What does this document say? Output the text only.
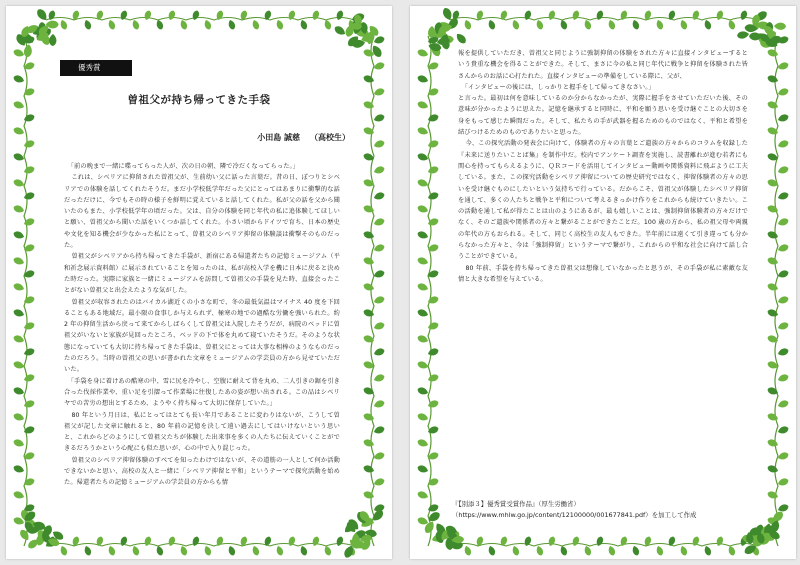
優秀賞
曽祖父が持ち帰ってきた手袋
小田島 誠慈 （高校生）

「前の晩まで一緒に喋ってらった人が、次の日の朝、隣で冷だくなってらった。」

これは、シベリアに抑留された曽祖父が、生前幼い父に話った言葉だ。昔の日、ぽつりとシベリアでの体験を話してくれたそうだ。まだ小学校低学年だった父にとってはあまりに衝撃的な話だっただけに、今でもその時の様子を鮮明に覚えていると話してくれた。私が父の話を父から聞いたのもまた、小学校低学年の頃だった。父は、自分の体験を同じ年代の私に追体験してほしいと願い、曽祖父から聞いた話をいくつか話してくれた。小さい頃からドイツで育ち、日本の歴史や文化を知る機会が少なかった私にとって、曽祖父のシベリア抑留の体験談は衝撃そのものだった。

曽祖父がシベリアから持ち帰ってきた手袋が、新宿にある帰還者たちの記憶ミュージアム（平和祈念展示資料館）に展示されていることを知ったのは、私が高校入学を機に日本に戻ると決めた時だった。実際に家族と一緒にミュージアムを訪問して曽祖父の手袋を見た時、直接会ったことがない曽祖父と出会えたような気がした。

曽祖父が収容されたのはバイカル湖近くの小さな町で、冬の最低気温はマイナス 40 度を下回ることもある地域だ。最小限の食事しか与えられず、極寒の地での過酷な労働を強いられた。約 2 年の抑留生活から戻って来てからしばらくして曽祖父は入院したそうだが、病院のベッドに曽祖父がいないと家族が見回ったところ、ベッドの下で体を丸めて寝ていたそうだ。そのような状態になっていても大切に持ち帰ってきた手袋は、曽祖父にとっては大事な相棒のようなものだったのだろう。当時の曽祖父の思いが書かれた文章をミュージアムの学芸員の方から見せていただいた。

「手袋を身に着けあの酷寒の中、雪に尻を冷やし、空腹に耐えて背を丸め、二人引きの鋸を引き合った伐採作業や、重い足を引摺って作業場に往復したあの姿が想い出される。この品はシベリヤでの苦労の想出とするため、ようやく持ち帰って大切に保存していた。」

80 年という月日は、私にとってはとても長い年月であることに変わりはないが、こうして曽祖父が記した文章に触れると、80 年前の記憶を決して遠い過去にしてはいけないという思いと、これからどのようにして曽祖父たちが体験した出来事を多くの人たちに伝えていくことができるだろうかという心配にも似た思いが、心の中で入り混じった。

曽祖父のシベリア抑留体験のすべてを知ったわけではないが、その道筋の一人として何か活動できないかと思い、高校の友人と一緒に「シベリア抑留と平和」というテーマで探究活動を始めた。帰還者たちの記憶ミュージアムの学芸員の方からも情

報を提供していただき、曽祖父と同じように強制抑留の体験をされた方々に直接インタビューするという貴重な機会を得ることができた。そして、まさに今の私と同じ年代に戦争と抑留を体験された皆さんからのお話に心打たれた。直接インタビューの準備をしている際に、父が、

「インタビューの後には、しっかりと握手をして帰ってきなさい。」

と言った。最初は何を意味しているのか分からなかったが、実際に握手をさせていただいた後、その意味が分かったように思えた。記憶を継承すると同時に、平和を願う思いを受け継ぐことの大切さを身をもって感じた瞬間だった。そして、私たちの手が武器を握るためのものではなく、平和と希望を結びつけるためのものでありたいと思った。

今、この探究活動の発表会に向けて、体験者の方々の言葉とご遺族の方々からのコラムを収録した『未来に送りたいことば集』を制作中だ。校内でアンケート調査を実施し、読書離れが進む若者にも関心を持ってもらえるように、ＱＲコードを活用してインタビュー動画や関係資料に飛ぶように工夫している。また、この探究活動をシベリア抑留についての歴史研究ではなく、抑留体験者の方々の思いを受け継ぐものにしたいという気持ちで行っている。だからこそ、曽祖父が体験したシベリア抑留を通して、多くの人たちと戦争と平和について考えるきっかけ作りをこれからも続けていきたい。この活動を通して私が得たことは山のようにあるが、最も嬉しいことは、強制抑留体験者の方々だけでなく、そのご遺族や関係者の方々と繋がることができたことだ。100 歳の方から、私の祖父母や両親の年代の方もおられる。そして、同じく高校生の友人もできた。半年前には遠くて引き違っても分からなかった方々と、今は「強制抑留」というテーマで繋がり、これからの平和な社会に向けて話し合うことができている。

80 年前、手袋を持ち帰ってきた曽祖父は想像していなかったと思うが、その手袋が私に素敵な友情と大きな希望を与えている。

『【別添３】優秀賞受賞作品』（厚生労働省）
（https://www.mhlw.go.jp/content/12100000/001677841.pdf）を加工して作成
